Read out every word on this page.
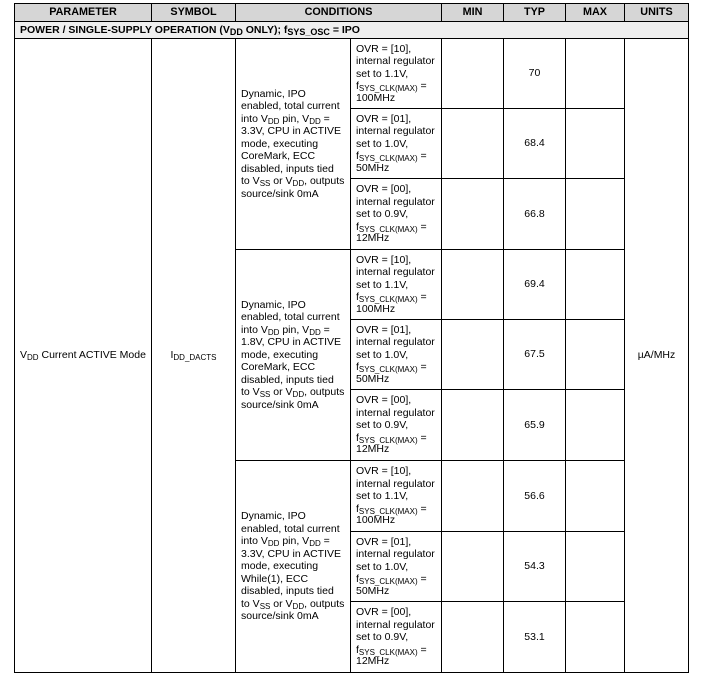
PARAMETER	SYMBOL	CONDITIONS		MIN	TYP	MAX	UNITS
POWER / SINGLE-SUPPLY OPERATION (VDD ONLY); fSYS_OSC = IPO							
VDD Current ACTIVE Mode	IDD_DACTS	Dynamic, IPO enabled, total current into VDD pin, VDD = 3.3V, CPU in ACTIVE mode, executing CoreMark, ECC disabled, inputs tied to VSS or VDD, outputs source/sink 0mA	OVR = [10], internal regulator set to 1.1V,
fSYS_CLK(MAX) =
100MHz		70		µA/MHz
			OVR = [01], internal regulator set to 1.0V,
fSYS_CLK(MAX) =
50MHz		68.4		
			OVR = [00], internal regulator set to 0.9V,
fSYS_CLK(MAX) =
12MHz		66.8		
		Dynamic, IPO enabled, total current into VDD pin, VDD = 1.8V, CPU in ACTIVE mode, executing CoreMark, ECC disabled, inputs tied to VSS or VDD, outputs source/sink 0mA	OVR = [10], internal regulator set to 1.1V,
fSYS_CLK(MAX) =
100MHz		69.4		
			OVR = [01], internal regulator set to 1.0V,
fSYS_CLK(MAX) =
50MHz		67.5		
			OVR = [00], internal regulator set to 0.9V,
fSYS_CLK(MAX) =
12MHz		65.9		
		Dynamic, IPO enabled, total current into VDD pin, VDD = 3.3V, CPU in ACTIVE mode, executing While(1), ECC disabled, inputs tied to VSS or VDD, outputs source/sink 0mA	OVR = [10], internal regulator set to 1.1V,
fSYS_CLK(MAX) =
100MHz		56.6		
			OVR = [01], internal regulator set to 1.0V,
fSYS_CLK(MAX) =
50MHz		54.3		
			OVR = [00], internal regulator set to 0.9V,
fSYS_CLK(MAX) =
12MHz		53.1		
